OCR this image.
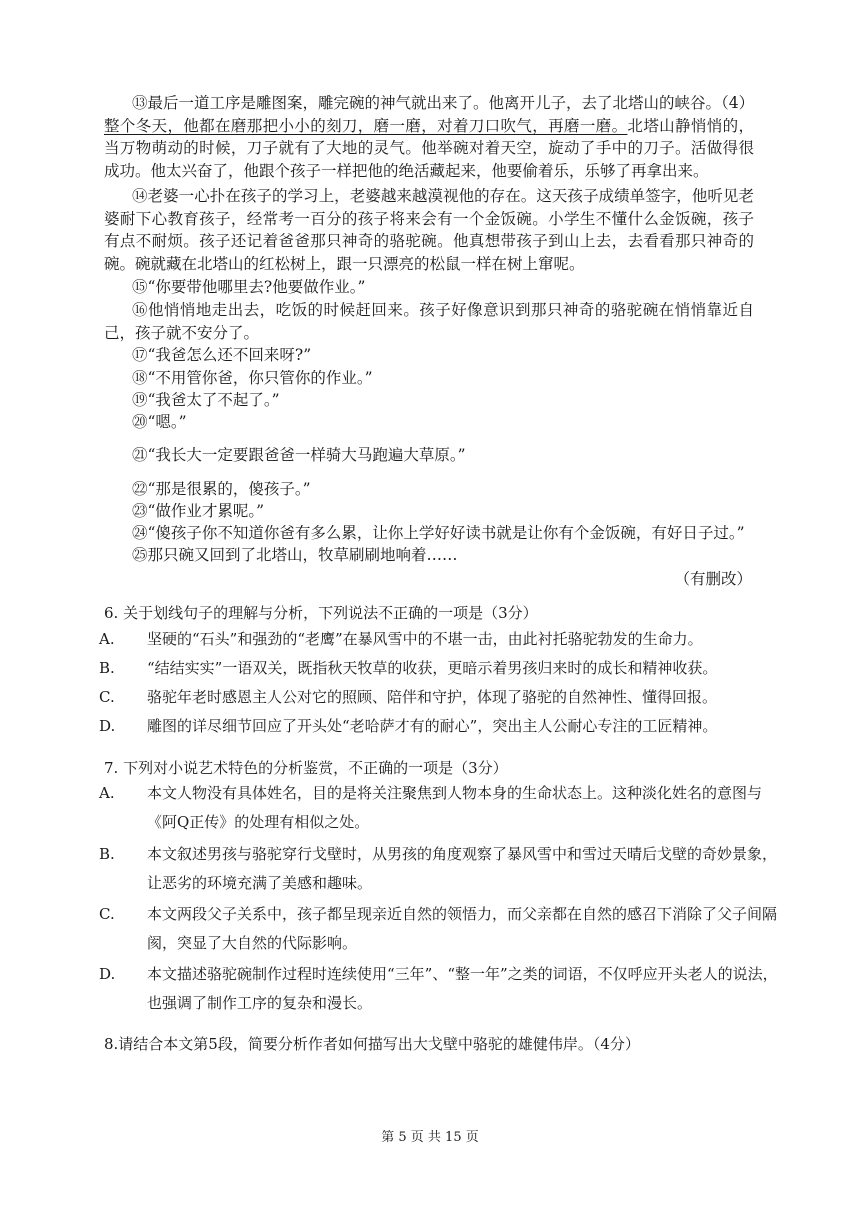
⑬最后一道工序是雕图案，雕完碗的神气就出来了。他离开儿子，去了北塔山的峡谷。（4）整个冬天，他都在磨那把小小的刻刀，磨一磨，对着刀口吹气，再磨一磨。北塔山静悄悄的，当万物萌动的时候，刀子就有了大地的灵气。他举碗对着天空，旋动了手中的刀子。活做得很成功。他太兴奋了，他跟个孩子一样把他的绝活藏起来，他要偷着乐，乐够了再拿出来。

⑭老婆一心扑在孩子的学习上，老婆越来越漠视他的存在。这天孩子成绩单签字，他听见老婆耐下心教育孩子，经常考一百分的孩子将来会有一个金饭碗。小学生不懂什么金饭碗，孩子有点不耐烦。孩子还记着爸爸那只神奇的骆驼碗。他真想带孩子到山上去，去看看那只神奇的碗。碗就藏在北塔山的红松树上，跟一只漂亮的松鼠一样在树上窜呢。

⑮“你要带他哪里去?他要做作业。”

⑯他悄悄地走出去，吃饭的时候赶回来。孩子好像意识到那只神奇的骆驼碗在悄悄靠近自己，孩子就不安分了。

⑰“我爸怎么还不回来呀?”
⑱“不用管你爸，你只管你的作业。”
⑲“我爸太了不起了。”
⑳“嗯。”
㉑“我长大一定要跟爸爸一样骑大马跑遍大草原。”
㉒“那是很累的，傻孩子。”
㉓“做作业才累呢。”
㉔“傻孩子你不知道你爸有多么累，让你上学好好读书就是让你有个金饭碗，有好日子过。”
㉕那只碗又回到了北塔山，牧草刷刷地响着……
（有删改）
6. 关于划线句子的理解与分析，下列说法不正确的一项是（3分）
A. 坚硬的“石头”和强劲的“老鹰”在暴风雪中的不堪一击，由此衬托骆驼勃发的生命力。
B. “结结实实”一语双关，既指秋天牧草的收获，更暗示着男孩归来时的成长和精神收获。
C. 骆驼年老时感恩主人公对它的照顾、陪伴和守护，体现了骆驼的自然神性、懂得回报。
D. 雕图的详尽细节回应了开头处“老哈萨才有的耐心”，突出主人公耐心专注的工匠精神。
7. 下列对小说艺术特色的分析鉴赏，不正确的一项是（3分）
A. 本文人物没有具体姓名，目的是将关注聚焦到人物本身的生命状态上。这种淡化姓名的意图与《阿Q正传》的处理有相似之处。
B. 本文叙述男孩与骆驼穿行戈壁时，从男孩的角度观察了暴风雪中和雪过天晴后戈壁的奇妙景象，让恶劣的环境充满了美感和趣味。
C. 本文两段父子关系中，孩子都呈现亲近自然的领悟力，而父亲都在自然的感召下消除了父子间隔阂，突显了大自然的代际影响。
D. 本文描述骆驼碗制作过程时连续使用“三年”、“整一年”之类的词语，不仅呼应开头老人的说法，也强调了制作工序的复杂和漫长。
8.请结合本文第5段，简要分析作者如何描写出大戈壁中骆驼的雄健伟岸。（4分）
第 5 页 共 15 页
